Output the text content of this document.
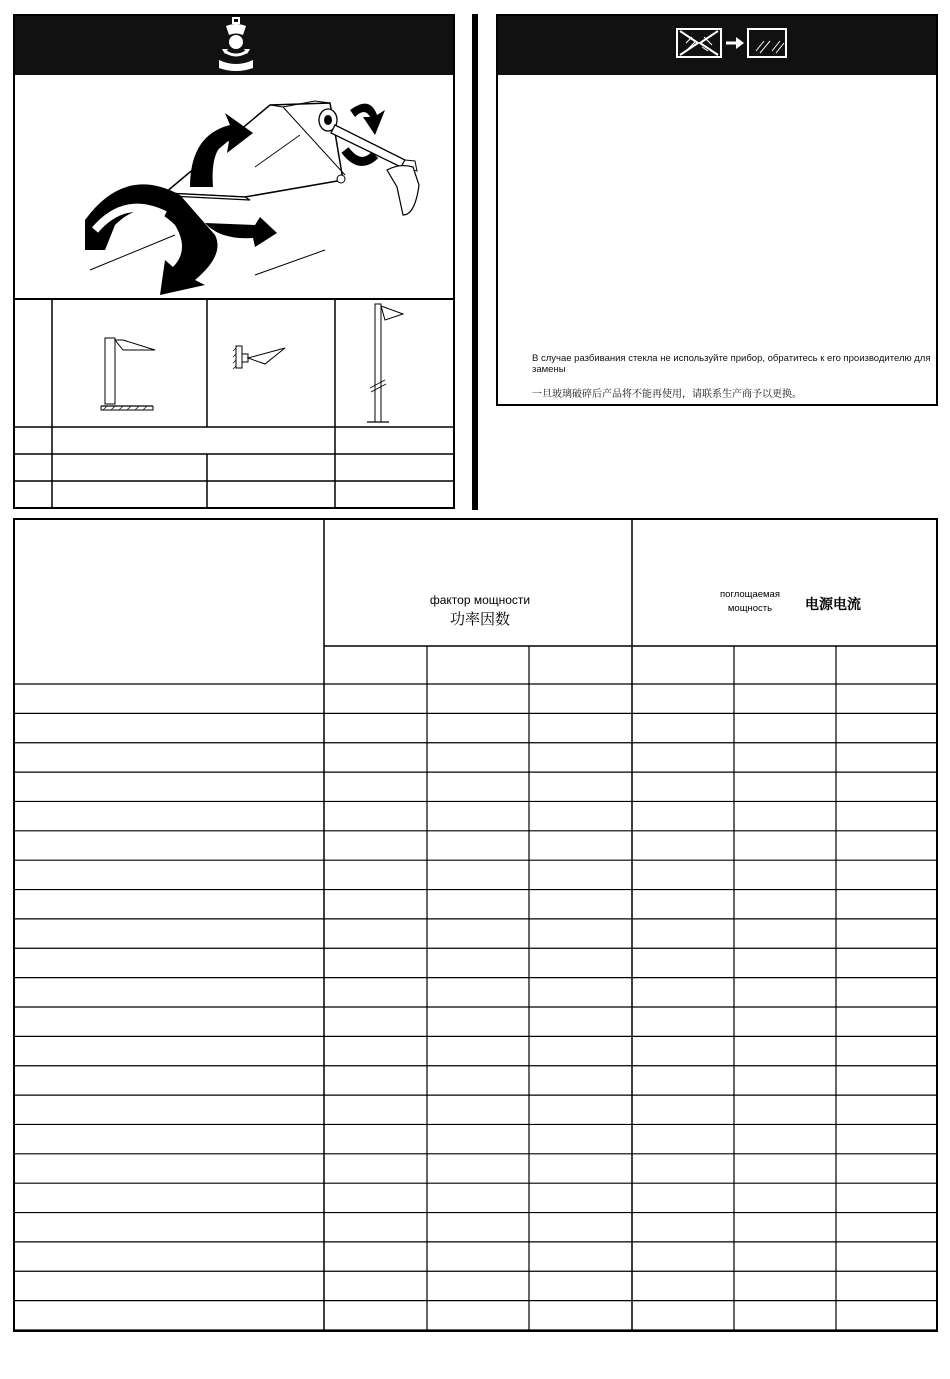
В случае разбивания стекла не используйте прибор, обратитесь к его производителю для замены
一旦玻璃破碎后产品将不能再使用，请联系生产商予以更换。
фактор мощности
功率因数
поглощаемая мощность	电源电流
